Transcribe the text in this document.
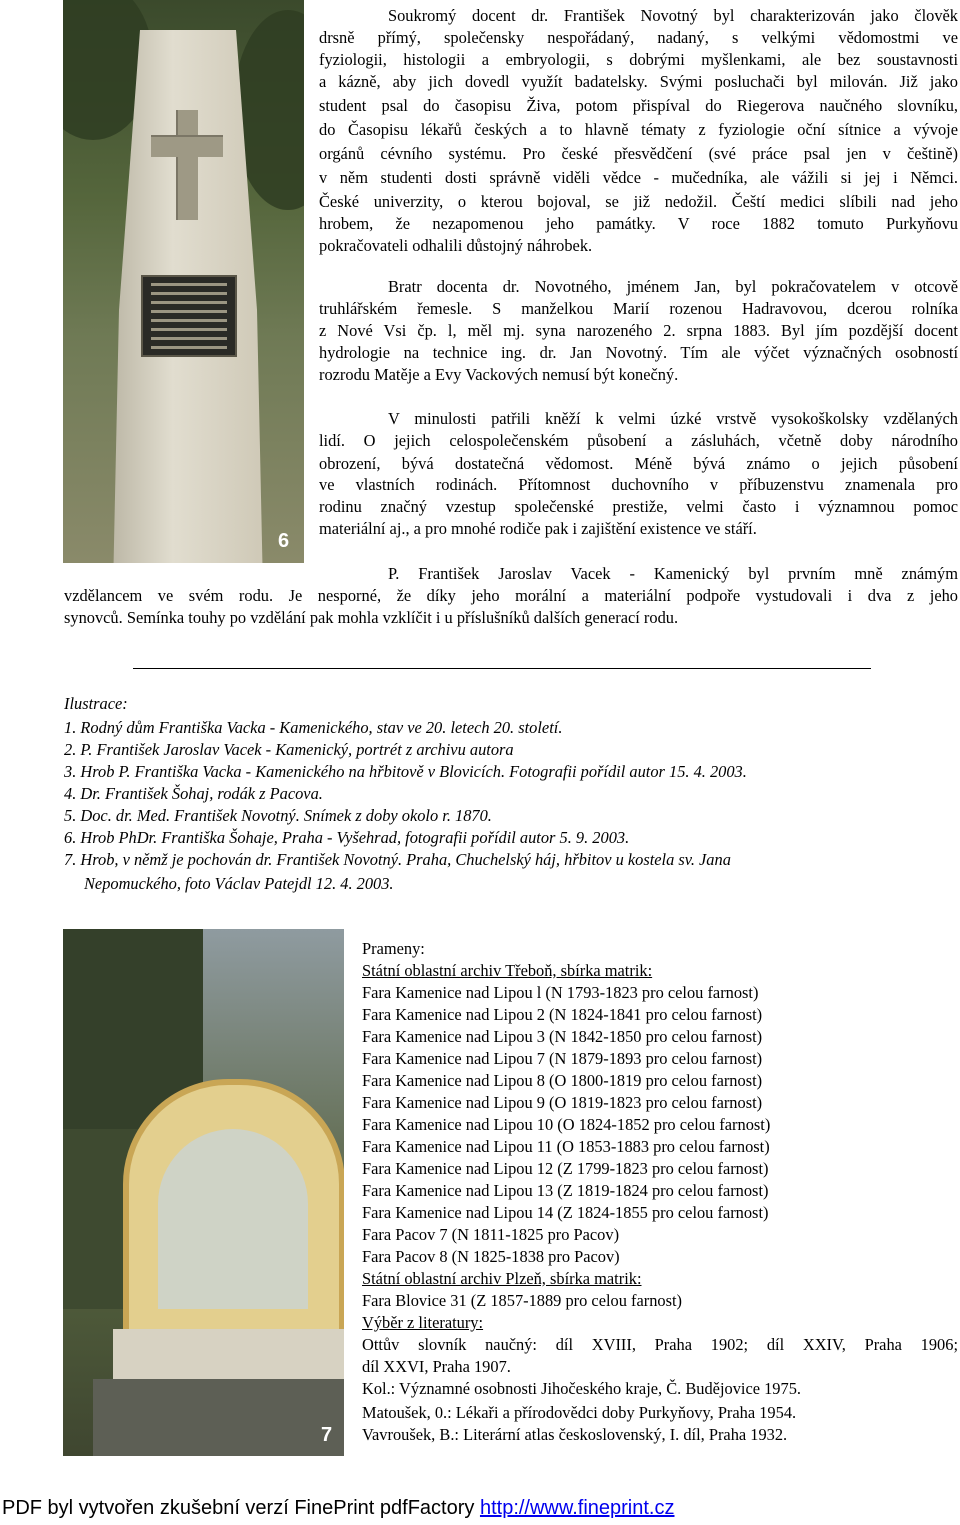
6
Soukromý docent dr. František Novotný byl charakterizován jako člověk
drsně přímý, společensky nespořádaný, nadaný, s velkými vědomostmi ve
fyziologii, histologii a embryologii, s dobrými myšlenkami, ale bez soustavnosti
a kázně, aby jich dovedl využít badatelsky. Svými posluchači byl milován. Již jako
student psal do časopisu Živa, potom přispíval do Riegerova naučného slovníku,
do Časopisu lékařů českých a to hlavně tématy z fyziologie oční sítnice a vývoje
orgánů cévního systému. Pro české přesvědčení (své práce psal jen v češtině)
v něm studenti dosti správně viděli vědce - mučedníka, ale vážili si jej i Němci.
České univerzity, o kterou bojoval, se již nedožil. Čeští medici slíbili nad jeho
hrobem, že nezapomenou jeho památky. V roce 1882 tomuto Purkyňovu
pokračovateli odhalili důstojný náhrobek.
Bratr docenta dr. Novotného, jménem Jan, byl pokračovatelem v otcově
truhlářském řemesle. S manželkou Marií rozenou Hadravovou, dcerou rolníka
z Nové Vsi čp. l, měl mj. syna narozeného 2. srpna 1883. Byl jím pozdější docent
hydrologie na technice ing. dr. Jan Novotný. Tím ale výčet význačných osobností
rozrodu Matěje a Evy Vackových nemusí být konečný.
V minulosti patřili kněží k velmi úzké vrstvě vysokoškolsky vzdělaných
lidí. O jejich celospolečenském působení a zásluhách, včetně doby národního
obrození, bývá dostatečná vědomost. Méně bývá známo o jejich působení
ve vlastních rodinách. Přítomnost duchovního v příbuzenstvu znamenala pro
rodinu značný vzestup společenské prestiže, velmi často i významnou pomoc
materiální aj., a pro mnohé rodiče pak i zajištění existence ve stáří.
P. František Jaroslav Vacek - Kamenický byl prvním mně známým
vzdělancem ve svém rodu. Je nesporné, že díky jeho morální a materiální podpoře vystudovali i dva z jeho
synovců. Semínka touhy po vzdělání pak mohla vzklíčit i u příslušníků dalších generací rodu.
Ilustrace:
1. Rodný dům Františka Vacka - Kamenického, stav ve 20. letech 20. století.
2. P. František Jaroslav Vacek - Kamenický, portrét z archivu autora
3. Hrob P. Františka Vacka - Kamenického na hřbitově v Blovicích. Fotografii pořídil autor 15. 4. 2003.
4. Dr. František Šohaj, rodák z Pacova.
5. Doc. dr. Med. František Novotný. Snímek z doby okolo r. 1870.
6. Hrob PhDr. Františka Šohaje, Praha - Vyšehrad, fotografii pořídil autor 5. 9. 2003.
7. Hrob, v němž je pochován dr. František Novotný. Praha, Chuchelský háj, hřbitov u kostela sv. Jana
Nepomuckého, foto Václav Patejdl 12. 4. 2003.
7
Prameny:
Státní oblastní archiv Třeboň, sbírka matrik:
Fara Kamenice nad Lipou l (N 1793-1823 pro celou farnost)
Fara Kamenice nad Lipou 2 (N 1824-1841 pro celou farnost)
Fara Kamenice nad Lipou 3 (N 1842-1850 pro celou farnost)
Fara Kamenice nad Lipou 7 (N 1879-1893 pro celou farnost)
Fara Kamenice nad Lipou 8 (O 1800-1819 pro celou farnost)
Fara Kamenice nad Lipou 9 (O 1819-1823 pro celou farnost)
Fara Kamenice nad Lipou 10 (O 1824-1852 pro celou farnost)
Fara Kamenice nad Lipou 11 (O 1853-1883 pro celou farnost)
Fara Kamenice nad Lipou 12 (Z 1799-1823 pro celou farnost)
Fara Kamenice nad Lipou 13 (Z 1819-1824 pro celou farnost)
Fara Kamenice nad Lipou 14 (Z 1824-1855 pro celou farnost)
Fara Pacov 7 (N 1811-1825 pro Pacov)
Fara Pacov 8 (N 1825-1838 pro Pacov)
Státní oblastní archiv Plzeň, sbírka matrik:
Fara Blovice 31 (Z 1857-1889 pro celou farnost)
Výběr z literatury:
Ottův slovník naučný: díl XVIII, Praha 1902; díl XXIV, Praha 1906;
díl XXVI, Praha 1907.
Kol.: Významné osobnosti Jihočeského kraje, Č. Budějovice 1975.
Matoušek, 0.: Lékaři a přírodovědci doby Purkyňovy, Praha 1954.
Vavroušek, B.: Literární atlas československý, I. díl, Praha 1932.
PDF byl vytvořen zkušební verzí FinePrint pdfFactory http://www.fineprint.cz
